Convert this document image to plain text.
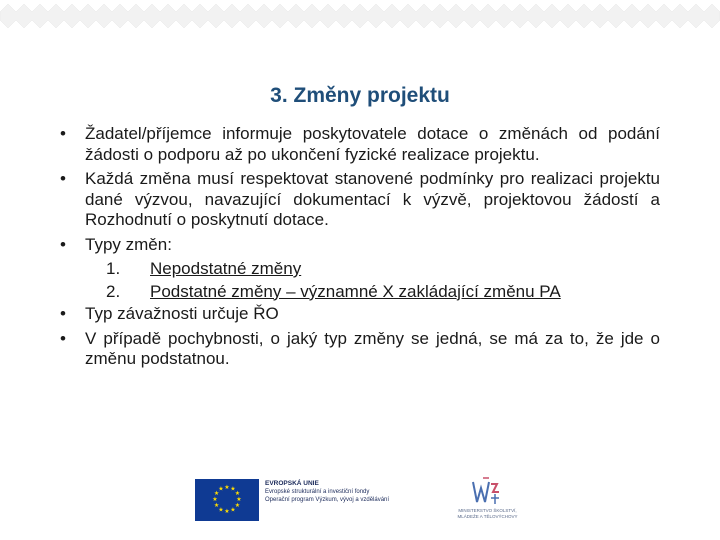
3. Změny projektu
• Žadatel/příjemce informuje poskytovatele dotace o změnách od podání žádosti o podporu až po ukončení fyzické realizace projektu.
• Každá změna musí respektovat stanovené podmínky pro realizaci projektu dané výzvou, navazující dokumentací k výzvě, projektovou žádostí a Rozhodnutí o poskytnutí dotace.
• Typy změn:
1. Nepodstatné změny
2. Podstatné změny – významné X zakládající změnu PA
• Typ závažnosti určuje ŘO
• V případě pochybnosti, o jaký typ změny se jedná, se má za to, že jde o změnu podstatnou.
★ ★
★
★
★
★
★
★
★
★
★
★
EVROPSKÁ UNIE
Evropské strukturální a investiční fondy
Operační program Výzkum, vývoj a vzdělávání
MINISTERSTVO ŠKOLSTVÍ,
MLÁDEŽE A TĚLOVÝCHOVY
